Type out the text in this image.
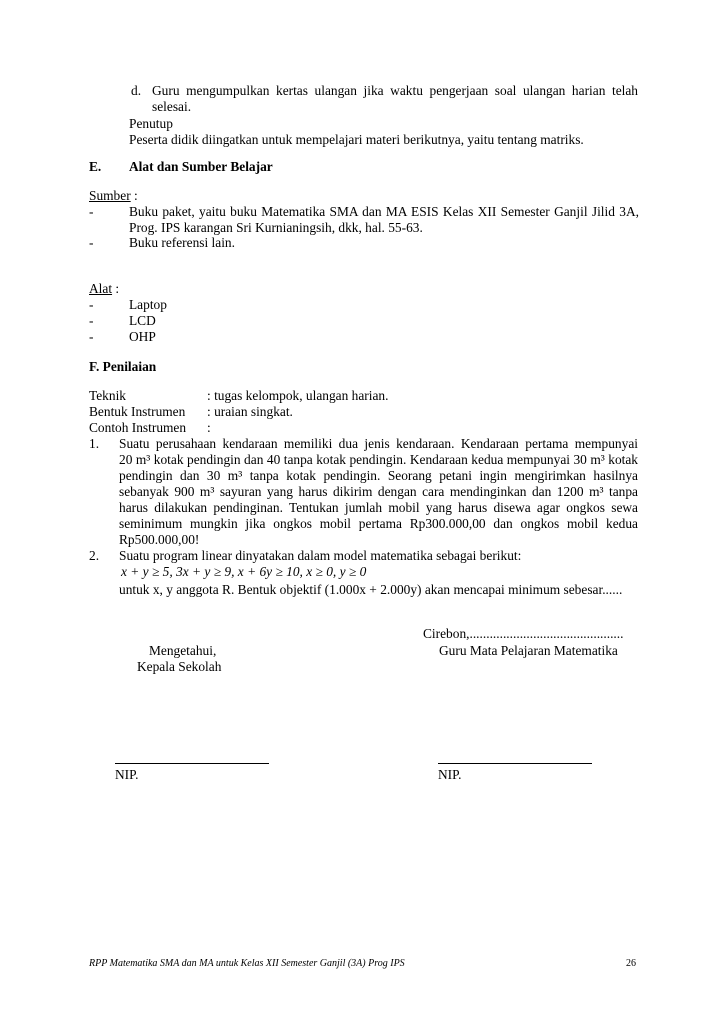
d. Guru mengumpulkan kertas ulangan jika waktu pengerjaan soal ulangan harian telah
selesai.
Penutup
Peserta didik diingatkan untuk mempelajari materi berikutnya, yaitu tentang matriks.
E. Alat dan Sumber Belajar
Sumber :
-	Buku paket, yaitu buku Matematika SMA dan MA ESIS Kelas XII Semester Ganjil Jilid 3A,
Prog. IPS karangan Sri Kurnianingsih, dkk, hal. 55-63.
-	Buku referensi lain.
Alat :
-	Laptop
-	LCD
-	OHP
F. Penilaian
Teknik	: tugas kelompok, ulangan harian.
Bentuk Instrumen : uraian singkat.
Contoh Instrumen :
1. Suatu perusahaan kendaraan memiliki dua jenis kendaraan. Kendaraan pertama mempunyai
20 m³ kotak pendingin dan 40 tanpa kotak pendingin. Kendaraan kedua mempunyai 30 m³ kotak
pendingin dan 30 m³ tanpa kotak pendingin. Seorang petani ingin mengirimkan hasilnya
sebanyak 900 m³ sayuran yang harus dikirim dengan cara mendinginkan dan 1200 m³ tanpa
harus dilakukan pendinginan. Tentukan jumlah mobil yang harus disewa agar ongkos sewa
seminimum mungkin jika ongkos mobil pertama Rp300.000,00 dan ongkos mobil kedua
Rp500.000,00!
2. Suatu program linear dinyatakan dalam model matematika sebagai berikut:
x + y ≥ 5, 3x + y ≥ 9, x + 6y ≥ 10, x ≥ 0, y ≥ 0
untuk x, y anggota R. Bentuk objektif (1.000x + 2.000y) akan mencapai minimum sebesar......
Cirebon,..............................................
Mengetahui,
Kepala Sekolah
Guru Mata Pelajaran Matematika
NIP.	NIP.
RPP Matematika SMA dan MA untuk Kelas XII Semester Ganjil (3A) Prog IPS	26
